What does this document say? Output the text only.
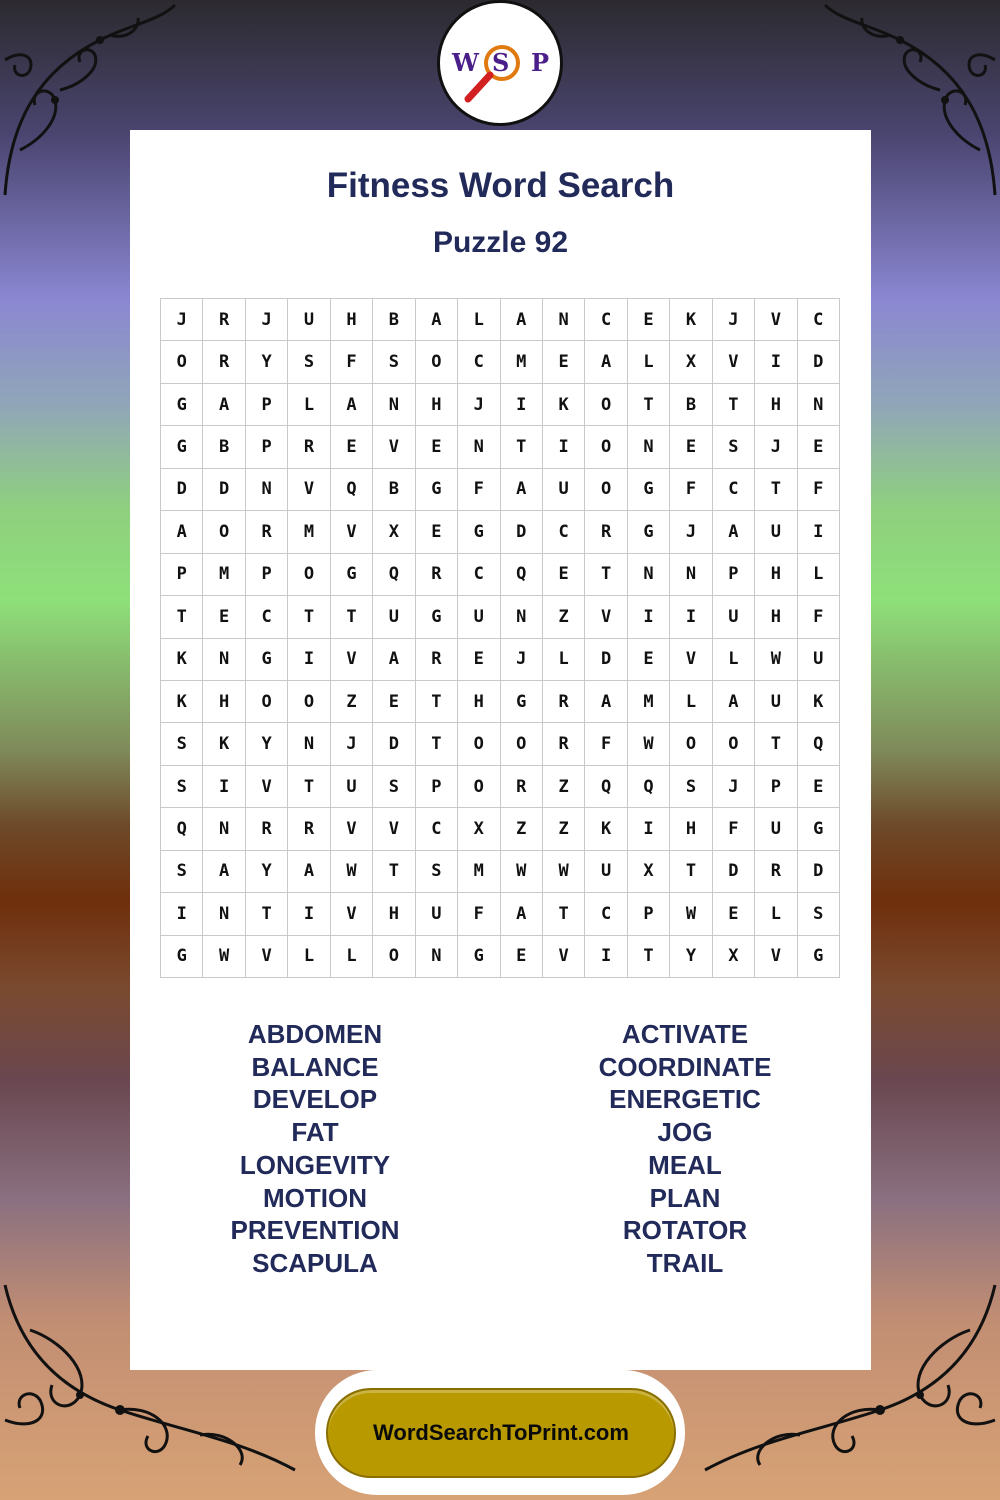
W S P
Fitness Word Search
Puzzle 92
J	R	J	U	H	B	A	L	A	N	C	E	K	J	V	C
O	R	Y	S	F	S	O	C	M	E	A	L	X	V	I	D
G	A	P	L	A	N	H	J	I	K	O	T	B	T	H	N
G	B	P	R	E	V	E	N	T	I	O	N	E	S	J	E
D	D	N	V	Q	B	G	F	A	U	O	G	F	C	T	F
A	O	R	M	V	X	E	G	D	C	R	G	J	A	U	I
P	M	P	O	G	Q	R	C	Q	E	T	N	N	P	H	L
T	E	C	T	T	U	G	U	N	Z	V	I	I	U	H	F
K	N	G	I	V	A	R	E	J	L	D	E	V	L	W	U
K	H	O	O	Z	E	T	H	G	R	A	M	L	A	U	K
S	K	Y	N	J	D	T	O	O	R	F	W	O	O	T	Q
S	I	V	T	U	S	P	O	R	Z	Q	Q	S	J	P	E
Q	N	R	R	V	V	C	X	Z	Z	K	I	H	F	U	G
S	A	Y	A	W	T	S	M	W	W	U	X	T	D	R	D
I	N	T	I	V	H	U	F	A	T	C	P	W	E	L	S
G	W	V	L	L	O	N	G	E	V	I	T	Y	X	V	G
ABDOMEN
BALANCE
DEVELOP
FAT
LONGEVITY
MOTION
PREVENTION
SCAPULA
ACTIVATE
COORDINATE
ENERGETIC
JOG
MEAL
PLAN
ROTATOR
TRAIL
WordSearchToPrint.com
